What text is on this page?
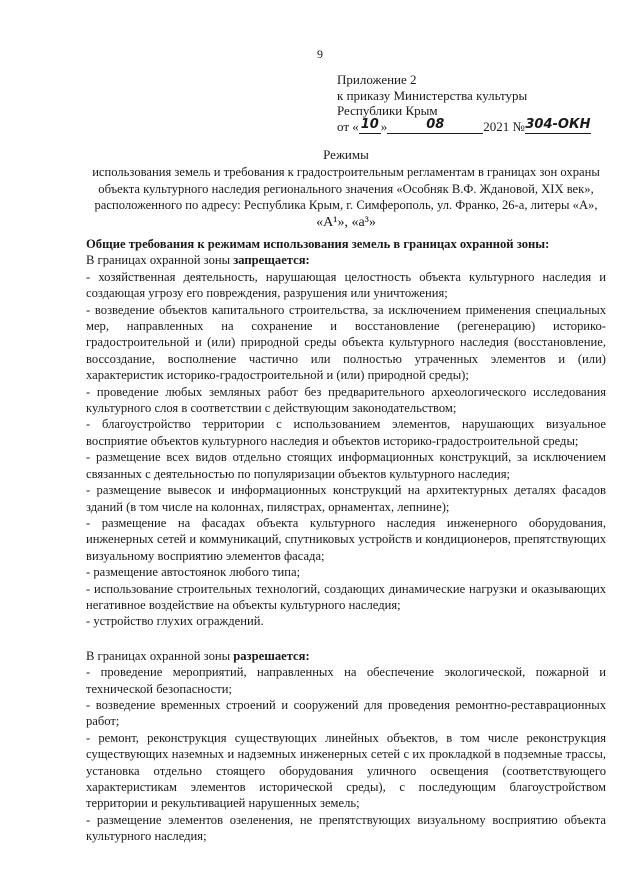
9
Приложение 2
к приказу Министерства культуры
Республики Крым
от « 10 »	08	2021 №304-ОКН
Режимы
использования земель и требования к градостроительным регламентам в границах зон охраны
объекта культурного наследия регионального значения «Особняк В.Ф. Ждановой, XIX век»,
расположенного по адресу: Республика Крым, г. Симферополь, ул. Франко, 26-а, литеры «А»,
«А¹», «а³»

Общие требования к режимам использования земель в границах охранной зоны:

В границах охранной зоны запрещается:

- хозяйственная деятельность, нарушающая целостность объекта культурного наследия и создающая угрозу его повреждения, разрушения или уничтожения;

- возведение объектов капитального строительства, за исключением применения специальных мер, направленных на сохранение и восстановление (регенерацию) историко-градостроительной и (или) природной среды объекта культурного наследия (восстановление, воссоздание, восполнение частично или полностью утраченных элементов и (или) характеристик историко-градостроительной и (или) природной среды);

- проведение любых земляных работ без предварительного археологического исследования культурного слоя в соответствии с действующим законодательством;

- благоустройство территории с использованием элементов, нарушающих визуальное восприятие объектов культурного наследия и объектов историко-градостроительной среды;

- размещение всех видов отдельно стоящих информационных конструкций, за исключением связанных с деятельностью по популяризации объектов культурного наследия;

- размещение вывесок и информационных конструкций на архитектурных деталях фасадов зданий (в том числе на колоннах, пилястрах, орнаментах, лепнине);

- размещение на фасадах объекта культурного наследия инженерного оборудования, инженерных сетей и коммуникаций, спутниковых устройств и кондиционеров, препятствующих визуальному восприятию элементов фасада;

- размещение автостоянок любого типа;

- использование строительных технологий, создающих динамические нагрузки и оказывающих негативное воздействие на объекты культурного наследия;

- устройство глухих ограждений.

В границах охранной зоны разрешается:

- проведение мероприятий, направленных на обеспечение экологической, пожарной и технической безопасности;

- возведение временных строений и сооружений для проведения ремонтно-реставрационных работ;

- ремонт, реконструкция существующих линейных объектов, в том числе реконструкция существующих наземных и надземных инженерных сетей с их прокладкой в подземные трассы, установка отдельно стоящего оборудования уличного освещения (соответствующего характеристикам элементов исторической среды), с последующим благоустройством территории и рекультивацией нарушенных земель;

- размещение элементов озеленения, не препятствующих визуальному восприятию объекта культурного наследия;
